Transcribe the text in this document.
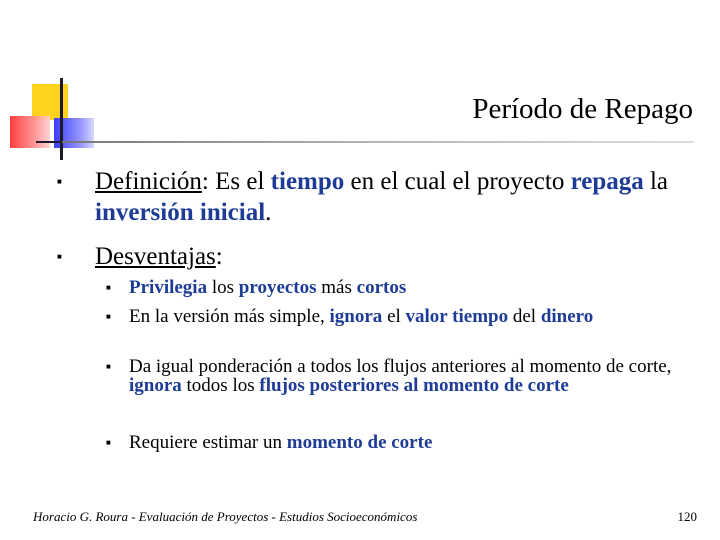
Período de Repago
■ Definición: Es el tiempo en el cual el proyecto repaga la inversión inicial.
■ Desventajas:
■ Privilegia los proyectos más cortos
■ En la versión más simple, ignora el valor tiempo del dinero
■ Da igual ponderación a todos los flujos anteriores al momento de corte, ignora todos los flujos posteriores al momento de corte
■ Requiere estimar un momento de corte
Horacio G. Roura - Evaluación de Proyectos - Estudios Socioeconómicos	120
